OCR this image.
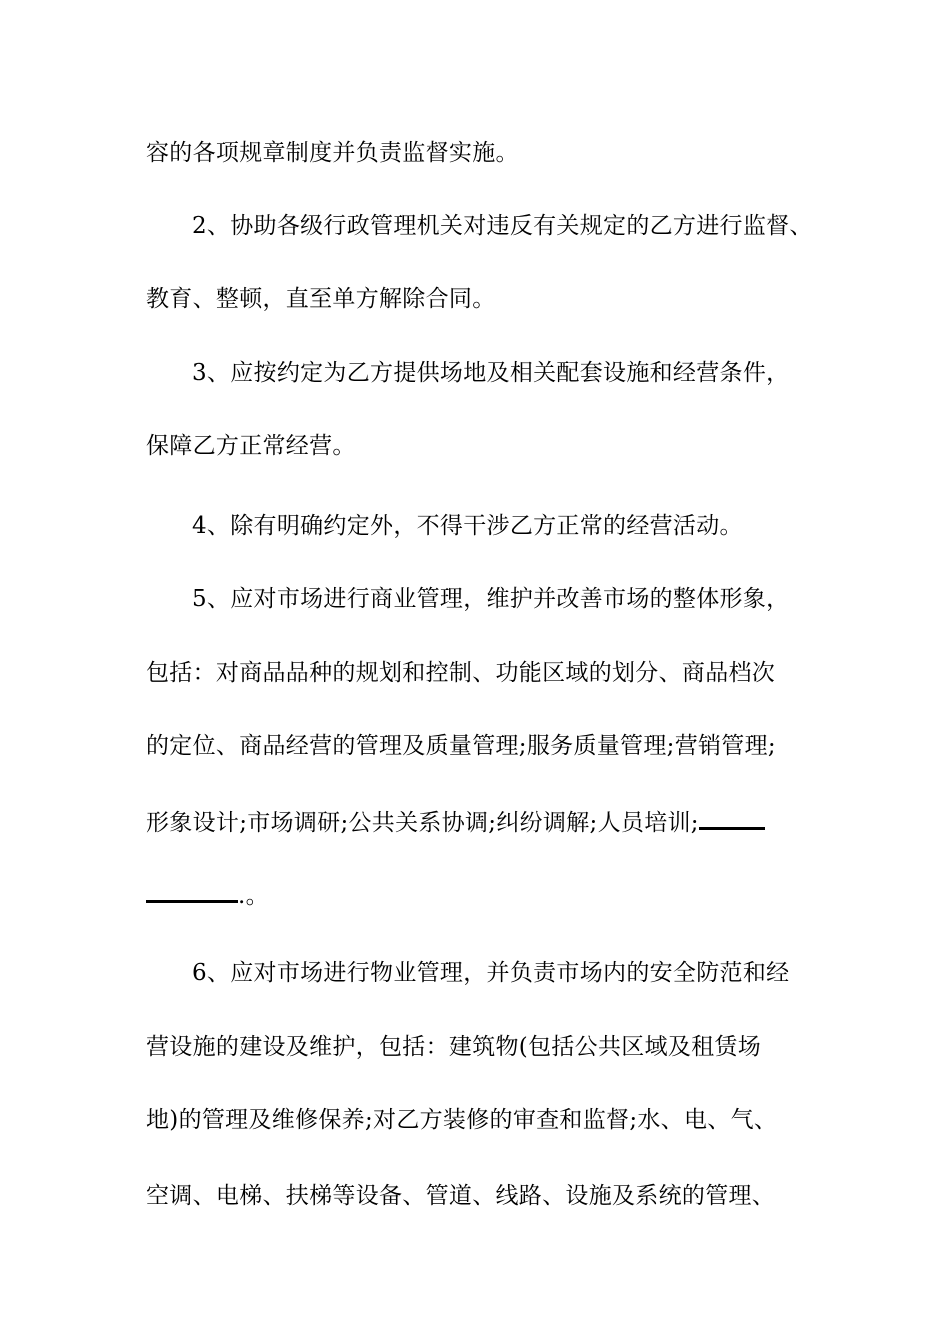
容的各项规章制度并负责监督实施。
2、协助各级行政管理机关对违反有关规定的乙方进行监督、
教育、整顿，直至单方解除合同。
3、应按约定为乙方提供场地及相关配套设施和经营条件，
保障乙方正常经营。
4、除有明确约定外，不得干涉乙方正常的经营活动。
5、应对市场进行商业管理，维护并改善市场的整体形象，
包括：对商品品种的规划和控制、功能区域的划分、商品档次
的定位、商品经营的管理及质量管理;服务质量管理;营销管理;
形象设计;市场调研;公共关系协调;纠纷调解;人员培训;
.。
6、应对市场进行物业管理，并负责市场内的安全防范和经
营设施的建设及维护，包括：建筑物(包括公共区域及租赁场
地)的管理及维修保养;对乙方装修的审查和监督;水、电、气、
空调、电梯、扶梯等设备、管道、线路、设施及系统的管理、
